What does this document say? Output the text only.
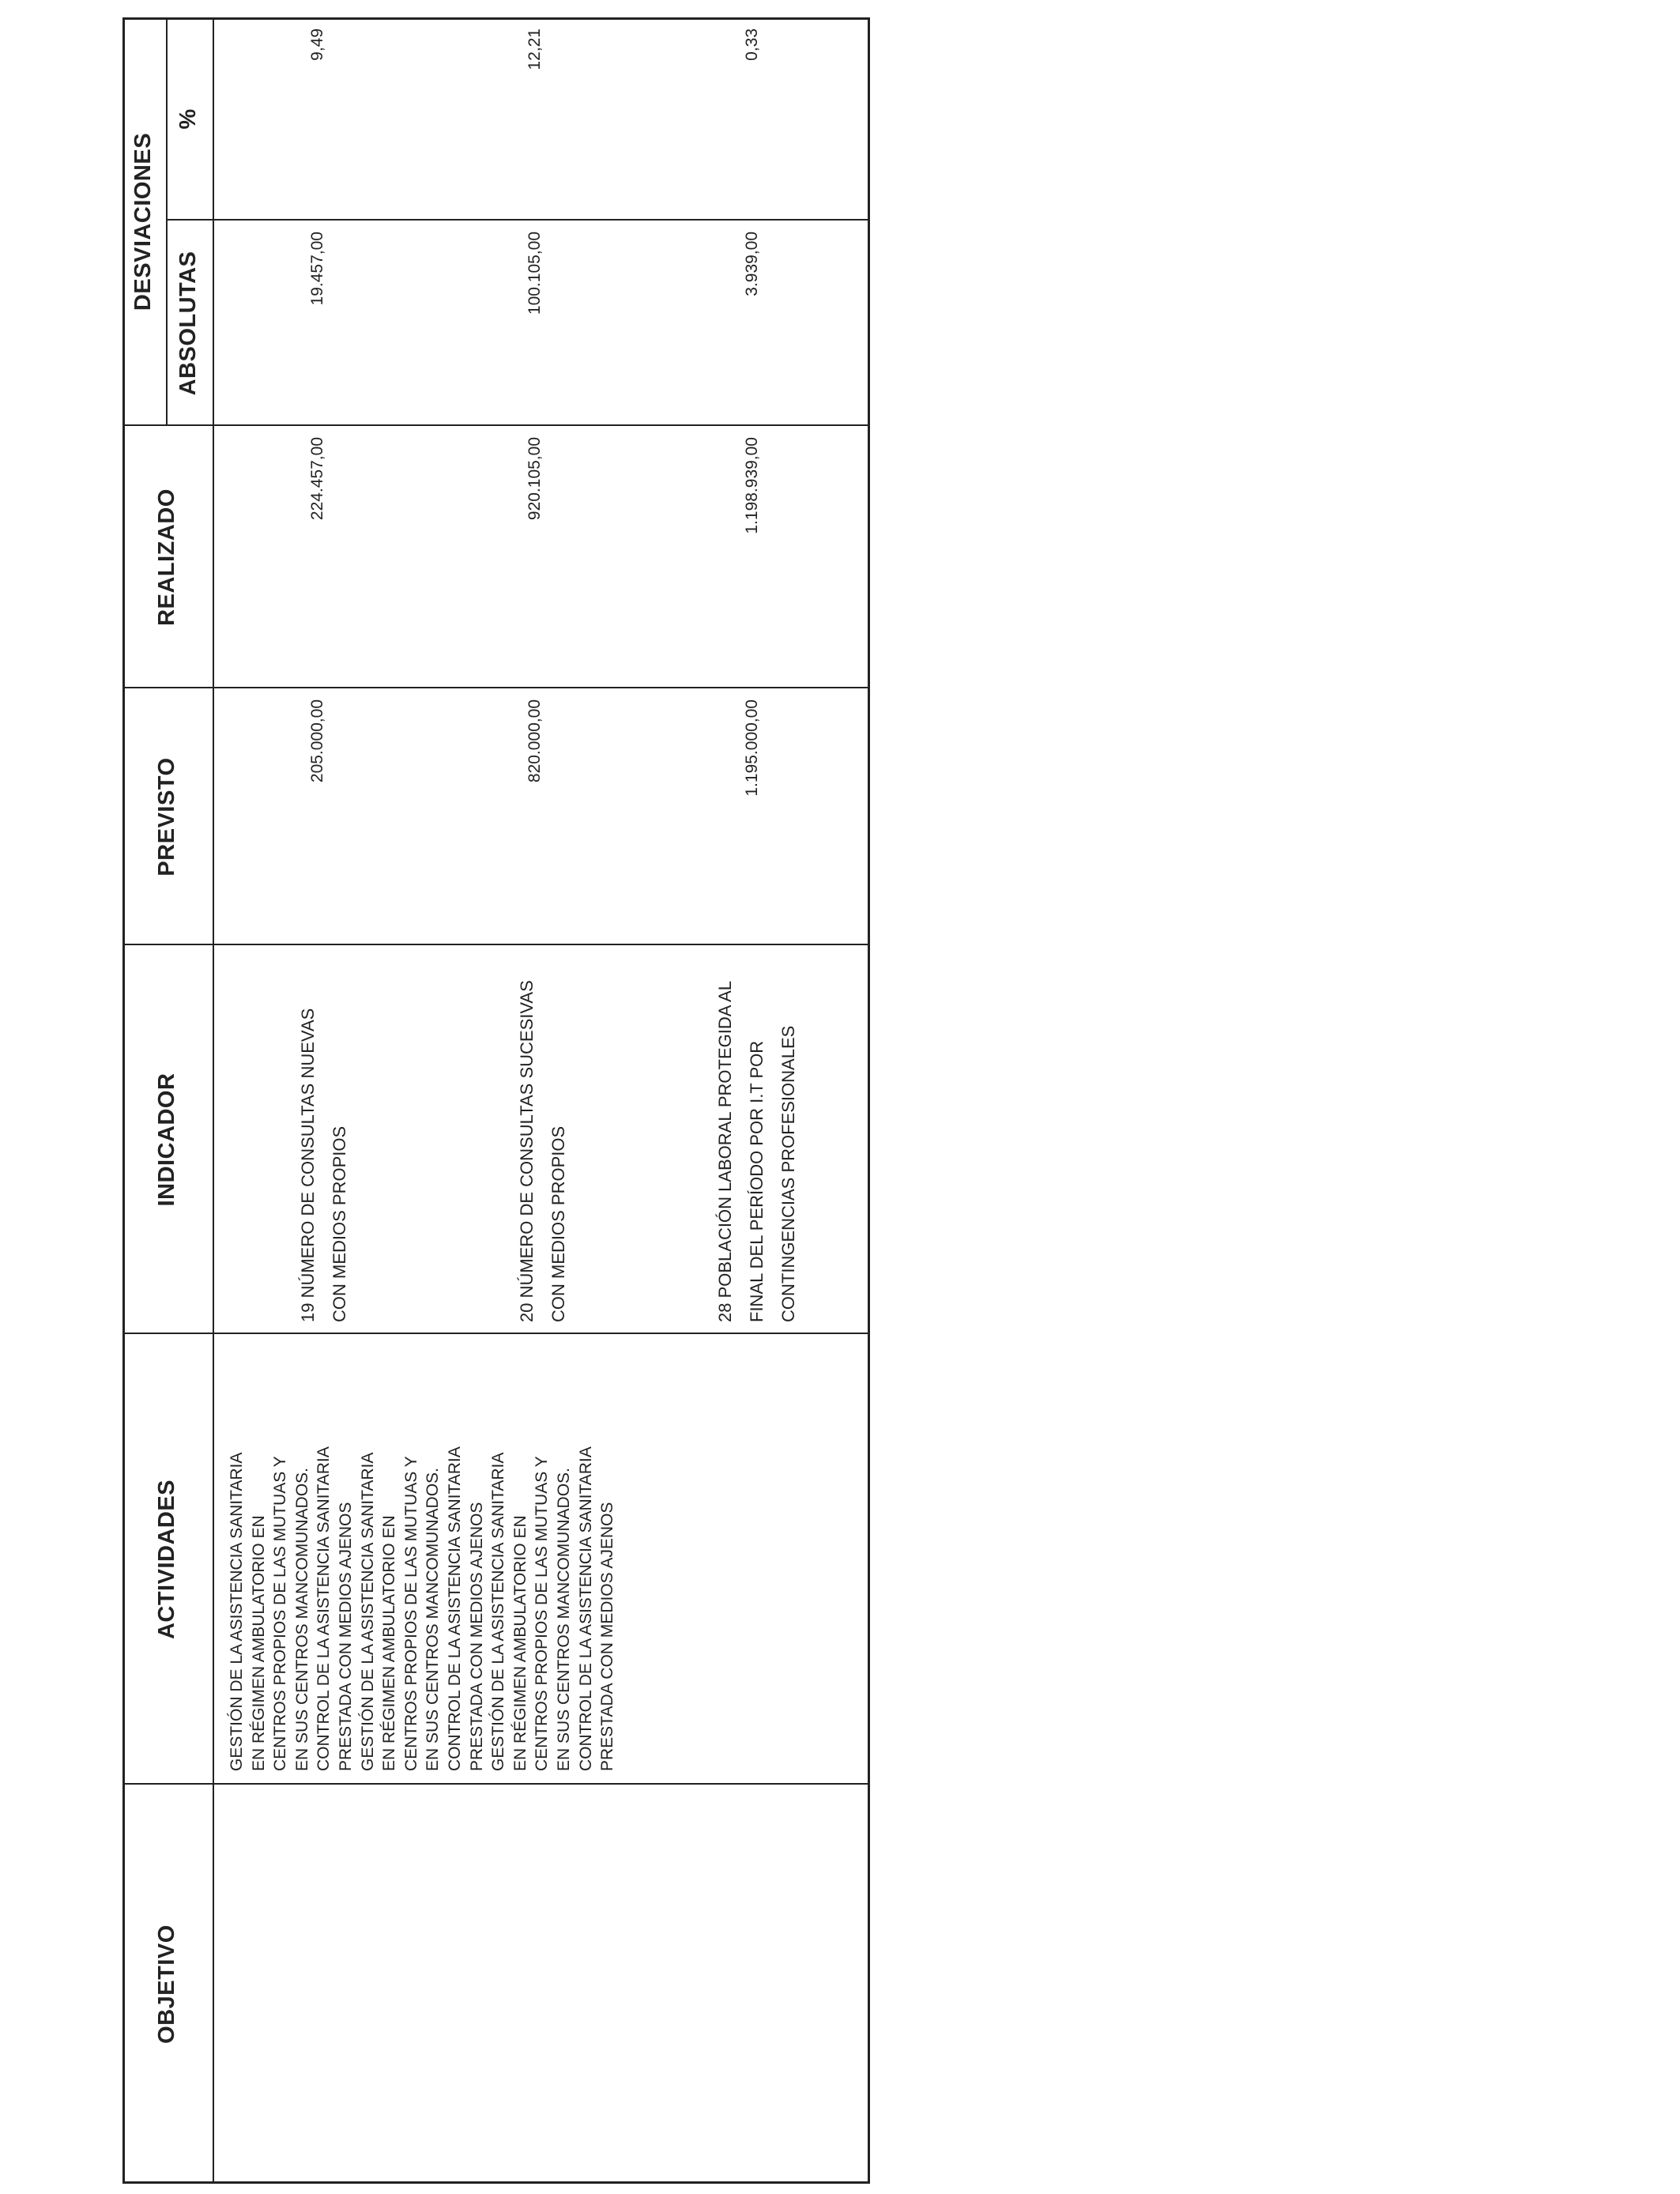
OBJETIVO
ACTIVIDADES
INDICADOR
PREVISTO
REALIZADO
DESVIACIONES
ABSOLUTAS
%
GESTIÓN DE LA ASISTENCIA SANITARIA EN RÉGIMEN AMBULATORIO EN CENTROS PROPIOS DE LAS MUTUAS Y EN SUS CENTROS MANCOMUNADOS. CONTROL DE LA ASISTENCIA SANITARIA PRESTADA CON MEDIOS AJENOS GESTIÓN DE LA ASISTENCIA SANITARIA EN RÉGIMEN AMBULATORIO EN CENTROS PROPIOS DE LAS MUTUAS Y EN SUS CENTROS MANCOMUNADOS. CONTROL DE LA ASISTENCIA SANITARIA PRESTADA CON MEDIOS AJENOS GESTIÓN DE LA ASISTENCIA SANITARIA EN RÉGIMEN AMBULATORIO EN CENTROS PROPIOS DE LAS MUTUAS Y EN SUS CENTROS MANCOMUNADOS. CONTROL DE LA ASISTENCIA SANITARIA PRESTADA CON MEDIOS AJENOS
19 NÚMERO DE CONSULTAS NUEVAS CON MEDIOS PROPIOS
205.000,00
224.457,00
19.457,00
9,49
20 NÚMERO DE CONSULTAS SUCESIVAS CON MEDIOS PROPIOS
820.000,00
920.105,00
100.105,00
12,21
28 POBLACIÓN LABORAL PROTEGIDA AL FINAL DEL PERÍODO POR I.T POR CONTINGENCIAS PROFESIONALES
1.195.000,00
1.198.939,00
3.939,00
0,33
